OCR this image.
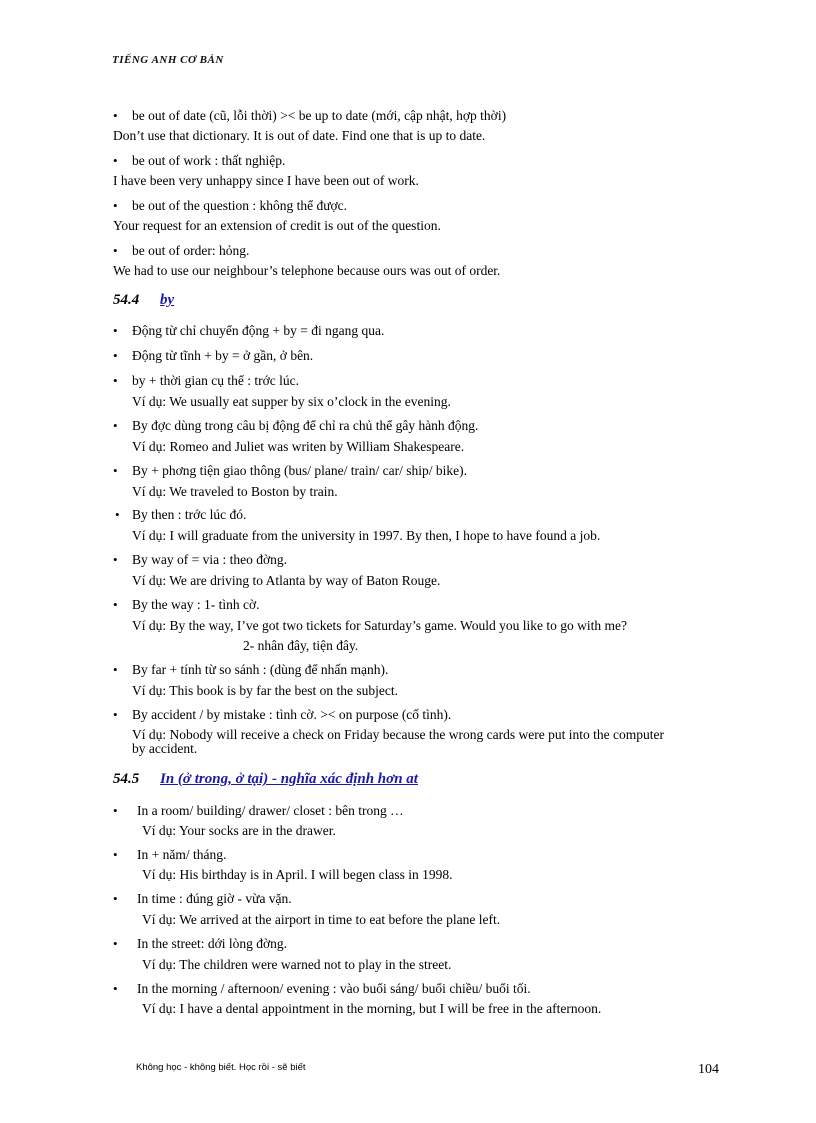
TIẾNG ANH CƠ BẢN
• be out of date (cũ, lỗi thời) >< be up to date (mới, cập nhật, hợp thời)
Don’t use that dictionary. It is out of date. Find one that is up to date.
• be out of work : thất nghiệp.
I have been very unhappy since I have been out of work.
• be out of the question : không thể được.
Your request for an extension of credit is out of the question.
• be out of order: hỏng.
We had to use our neighbour’s telephone because ours was out of order.
• Động từ chỉ chuyển động + by = đi ngang qua.
• Động từ tĩnh + by = ở gần, ở bên.
• by + thời gian cụ thể : trớc lúc.
Ví dụ: We usually eat supper by six o’clock in the evening.
• By đợc dùng trong câu bị động để chỉ ra chủ thể gây hành động.
Ví dụ: Romeo and Juliet was writen by William Shakespeare.
• By + phơng tiện giao thông (bus/ plane/ train/ car/ ship/ bike).
Ví dụ: We traveled to Boston by train.
• By then : trớc lúc đó.
Ví dụ: I will graduate from the university in 1997. By then, I hope to have found a job.
• By way of = via : theo đờng.
Ví dụ: We are driving to Atlanta by way of Baton Rouge.
• By the way : 1- tình cờ.
Ví dụ: By the way, I’ve got two tickets for Saturday’s game. Would you like to go with me?
2- nhân đây, tiện đây.
• By far + tính từ so sánh : (dùng để nhấn mạnh).
Ví dụ: This book is by far the best on the subject.
• By accident / by mistake : tình cờ. >< on purpose (cố tình).
Ví dụ: Nobody will receive a check on Friday because the wrong cards were put into the computer
by accident.
• In a room/ building/ drawer/ closet : bên trong …
Ví dụ: Your socks are in the drawer.
• In + năm/ tháng.
Ví dụ: His birthday is in April. I will begen class in 1998.
• In time : đúng giờ - vừa vặn.
Ví dụ: We arrived at the airport in time to eat before the plane left.
• In the street: dới lòng đờng.
Ví dụ: The children were warned not to play in the street.
• In the morning / afternoon/ evening : vào buổi sáng/ buổi chiều/ buổi tối.
Ví dụ: I have a dental appointment in the morning, but I will be free in the afternoon.
54.4 by
54.5 In (ở trong, ở tại) - nghĩa xác định hơn at
Không học - không biết. Học rồi - sẽ biết	104
